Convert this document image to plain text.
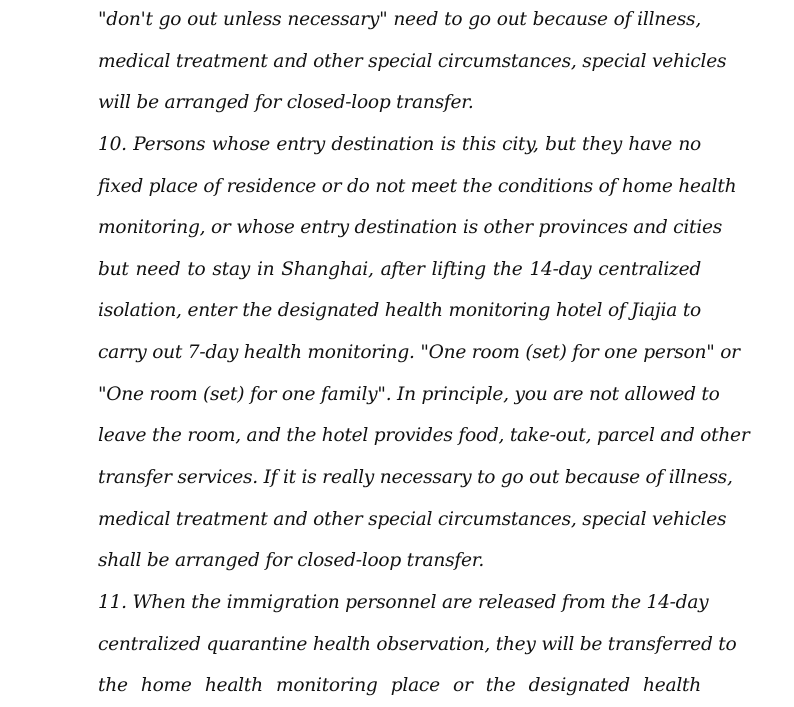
"don't go out unless necessary" need to go out because of illness,
medical treatment and other special circumstances, special vehicles
will be arranged for closed-loop transfer.
10. Persons whose entry destination is this city, but they have no
fixed place of residence or do not meet the conditions of home health
monitoring, or whose entry destination is other provinces and cities
but need to stay in Shanghai, after lifting the 14-day centralized
isolation, enter the designated health monitoring hotel of Jiajia to
carry out 7-day health monitoring. "One room (set) for one person" or
"One room (set) for one family". In principle, you are not allowed to
leave the room, and the hotel provides food, take-out, parcel and other
transfer services. If it is really necessary to go out because of illness,
medical treatment and other special circumstances, special vehicles
shall be arranged for closed-loop transfer.
11. When the immigration personnel are released from the 14-day
centralized quarantine health observation, they will be transferred to
the home health monitoring place or the designated health
